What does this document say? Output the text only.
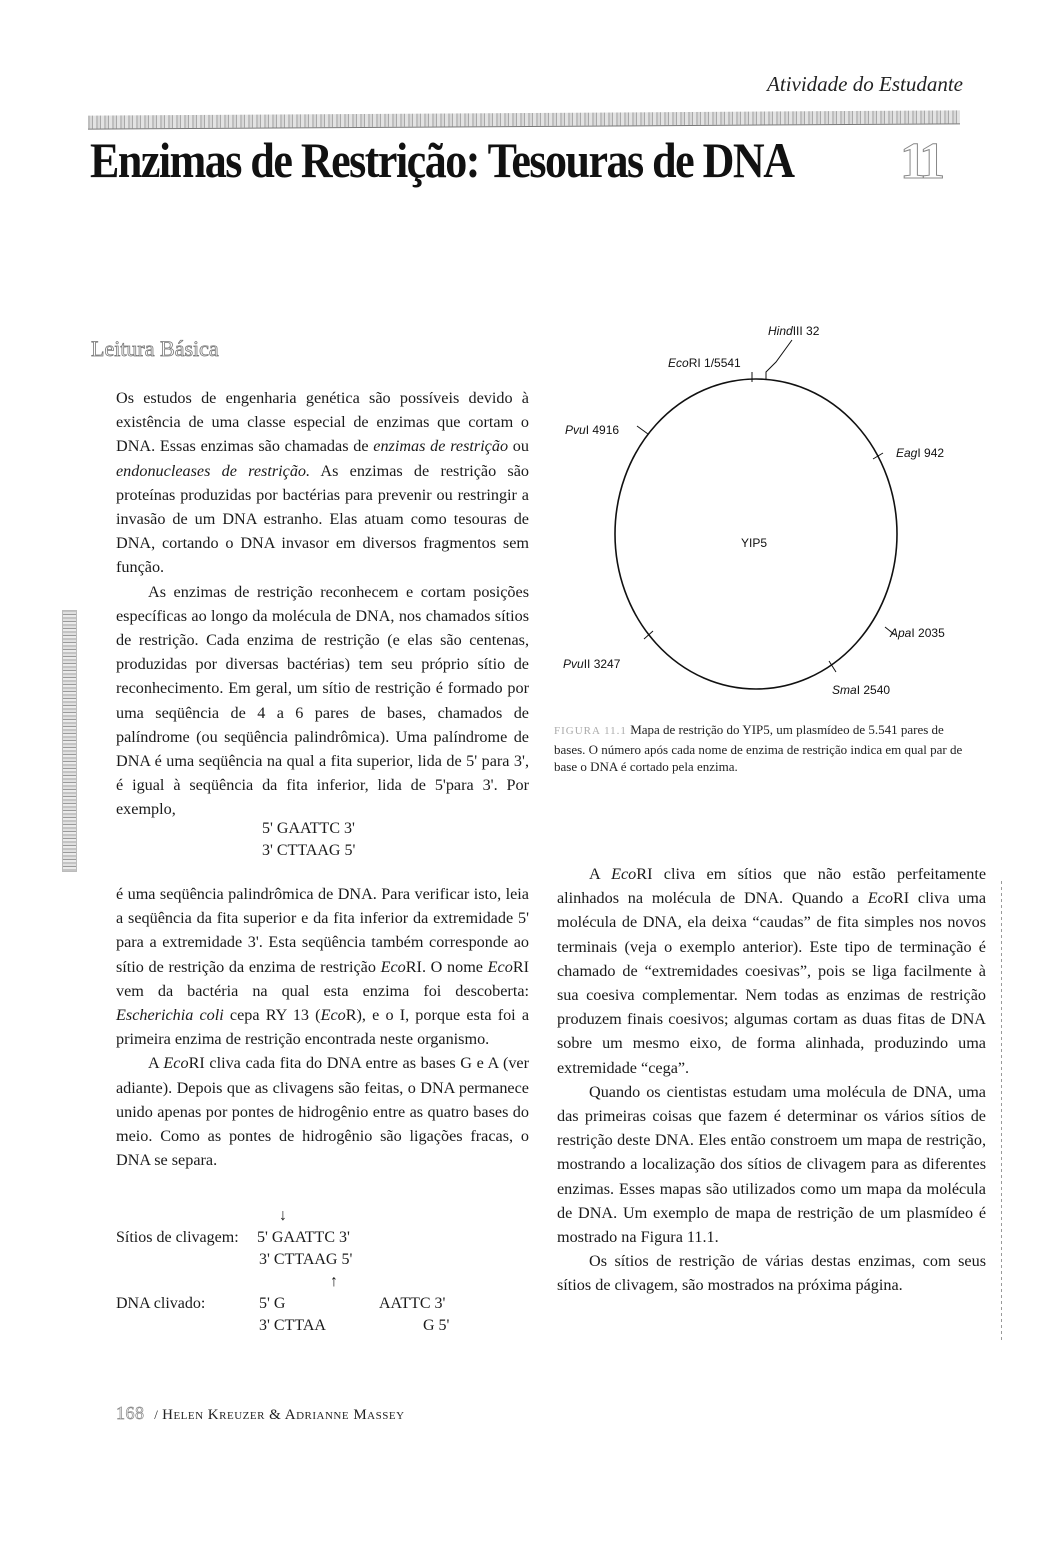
Atividade do Estudante
Enzimas de Restrição: Tesouras de DNA 11
Leitura Básica

Os estudos de engenharia genética são possíveis devido à existência de uma classe especial de enzimas que cortam o DNA. Essas enzimas são chamadas de enzimas de restrição ou endonucleases de restrição. As enzimas de restrição são proteínas produzidas por bactérias para prevenir ou restringir a invasão de um DNA estranho. Elas atuam como tesouras de DNA, cortando o DNA invasor em diversos fragmentos sem função.

As enzimas de restrição reconhecem e cortam posições específicas ao longo da molécula de DNA, nos chamados sítios de restrição. Cada enzima de restrição (e elas são centenas, produzidas por diversas bactérias) tem seu próprio sítio de reconhecimento. Em geral, um sítio de restrição é formado por uma seqüência de 4 a 6 pares de bases, chamados de palíndrome (ou seqüência palindrômica). Uma palíndrome de DNA é uma seqüência na qual a fita superior, lida de 5' para 3', é igual à seqüência da fita inferior, lida de 5'para 3'. Por exemplo,

5' GAATTC 3'
3' CTTAAG 5'

é uma seqüência palindrômica de DNA. Para verificar isto, leia a seqüência da fita superior e da fita inferior da extremidade 5' para a extremidade 3'. Esta seqüência também corresponde ao sítio de restrição da enzima de restrição EcoRI. O nome EcoRI vem da bactéria na qual esta enzima foi descoberta: Escherichia coli cepa RY 13 (EcoR), e o I, porque esta foi a primeira enzima de restrição encontrada neste organismo.

A EcoRI cliva cada fita do DNA entre as bases G e A (ver adiante). Depois que as clivagens são feitas, o DNA permanece unido apenas por pontes de hidrogênio entre as quatro bases do meio. Como as pontes de hidrogênio são ligações fracas, o DNA se separa.

↓
Sítios de clivagem: 5' GAATTC 3'
3' CTTAAG 5'
↑
DNA clivado:	5' G	AATTC 3'
3' CTTAA	G 5'
YIP5
HindIII 32
EcoRI 1/5541
PvuI 4916
EagI 942
ApaI 2035
PvuII 3247
SmaI 2540
FIGURA 11.1 Mapa de restrição do YIP5, um plasmídeo de 5.541 pares de bases. O número após cada nome de enzima de restrição indica em qual par de base o DNA é cortado pela enzima.

A EcoRI cliva em sítios que não estão perfeitamente alinhados na molécula de DNA. Quando a EcoRI cliva uma molécula de DNA, ela deixa “caudas” de fita simples nos novos terminais (veja o exemplo anterior). Este tipo de terminação é chamado de “extremidades coesivas”, pois se liga facilmente à sua coesiva complementar. Nem todas as enzimas de restrição produzem finais coesivos; algumas cortam as duas fitas de DNA sobre um mesmo eixo, de forma alinhada, produzindo uma extremidade “cega”.

Quando os cientistas estudam uma molécula de DNA, uma das primeiras coisas que fazem é determinar os vários sítios de restrição deste DNA. Eles então constroem um mapa de restrição, mostrando a localização dos sítios de clivagem para as diferentes enzimas. Esses mapas são utilizados como um mapa da molécula de DNA. Um exemplo de mapa de restrição de um plasmídeo é mostrado na Figura 11.1.

Os sítios de restrição de várias destas enzimas, com seus sítios de clivagem, são mostrados na próxima página.

168 / Helen Kreuzer & Adrianne Massey
